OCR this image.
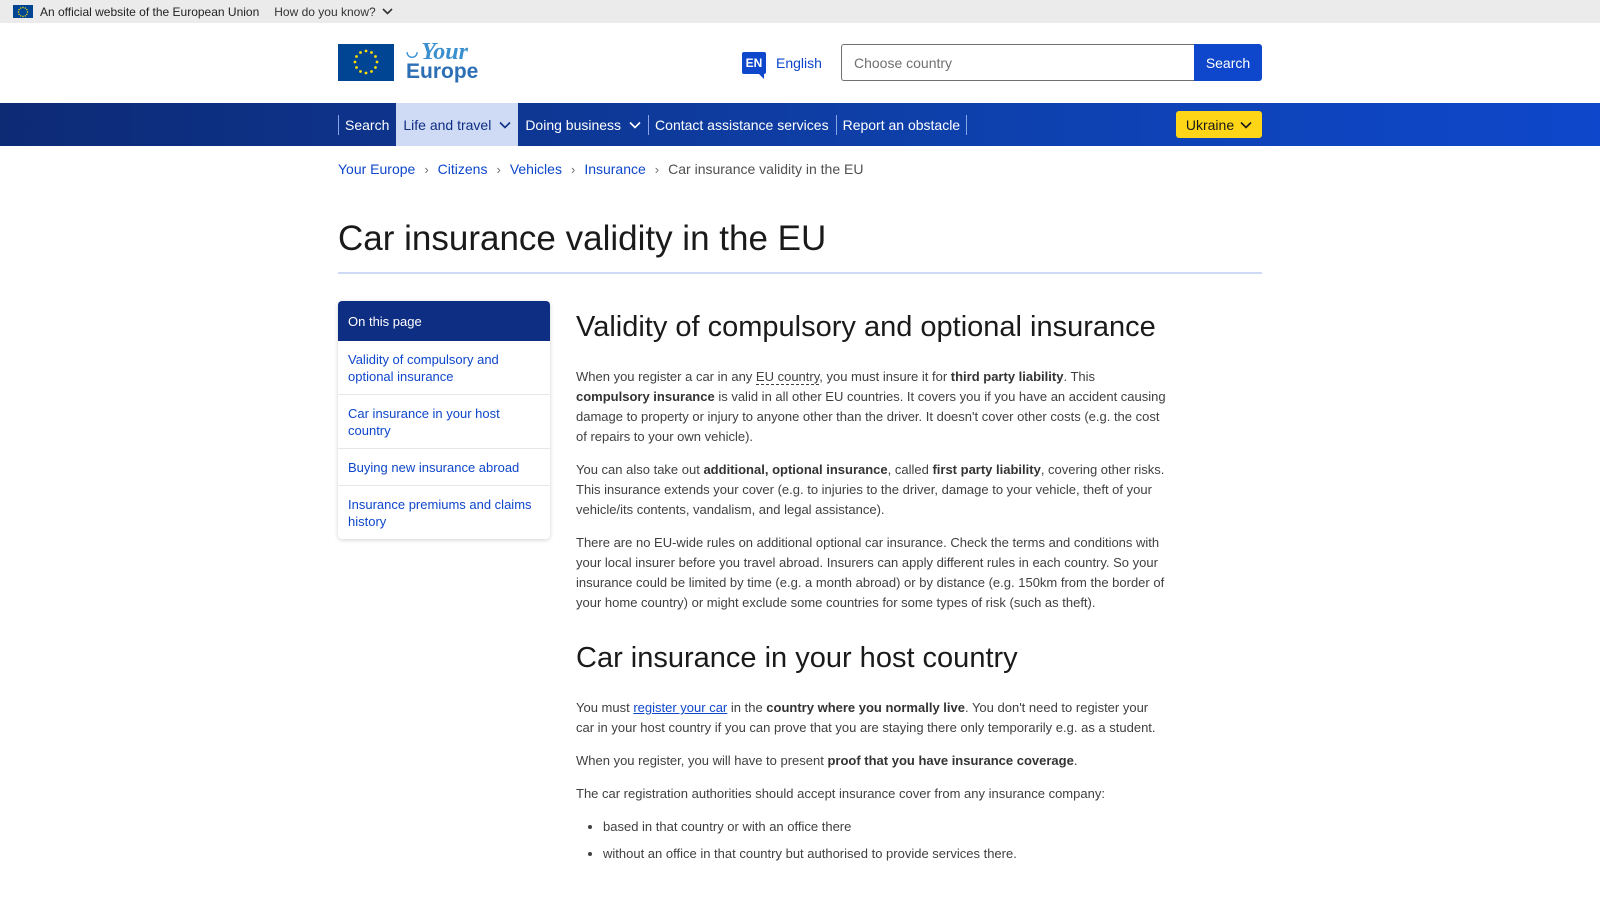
An official website of the European Union How do you know?
◡ Your
Europe	EN English
Choose country	Search
Search Life and travel Doing business Contact assistance services Report an obstacle	Ukraine
Your Europe › Citizens › Vehicles › Insurance › Car insurance validity in the EU
Car insurance validity in the EU
On this page
Validity of compulsory and optional insurance
Car insurance in your host country
Buying new insurance abroad
Insurance premiums and claims history
Validity of compulsory and optional insurance

When you register a car in any EU country, you must insure it for third party liability. This compulsory insurance is valid in all other EU countries. It covers you if you have an accident causing damage to property or injury to anyone other than the driver. It doesn't cover other costs (e.g. the cost of repairs to your own vehicle).

You can also take out additional, optional insurance, called first party liability, covering other risks. This insurance extends your cover (e.g. to injuries to the driver, damage to your vehicle, theft of your vehicle/its contents, vandalism, and legal assistance).

There are no EU-wide rules on additional optional car insurance. Check the terms and conditions with your local insurer before you travel abroad. Insurers can apply different rules in each country. So your insurance could be limited by time (e.g. a month abroad) or by distance (e.g. 150km from the border of your home country) or might exclude some countries for some types of risk (such as theft).

Car insurance in your host country

You must register your car in the country where you normally live. You don't need to register your car in your host country if you can prove that you are staying there only temporarily e.g. as a student.

When you register, you will have to present proof that you have insurance coverage.

The car registration authorities should accept insurance cover from any insurance company:

• based in that country or with an office there
• without an office in that country but authorised to provide services there.
